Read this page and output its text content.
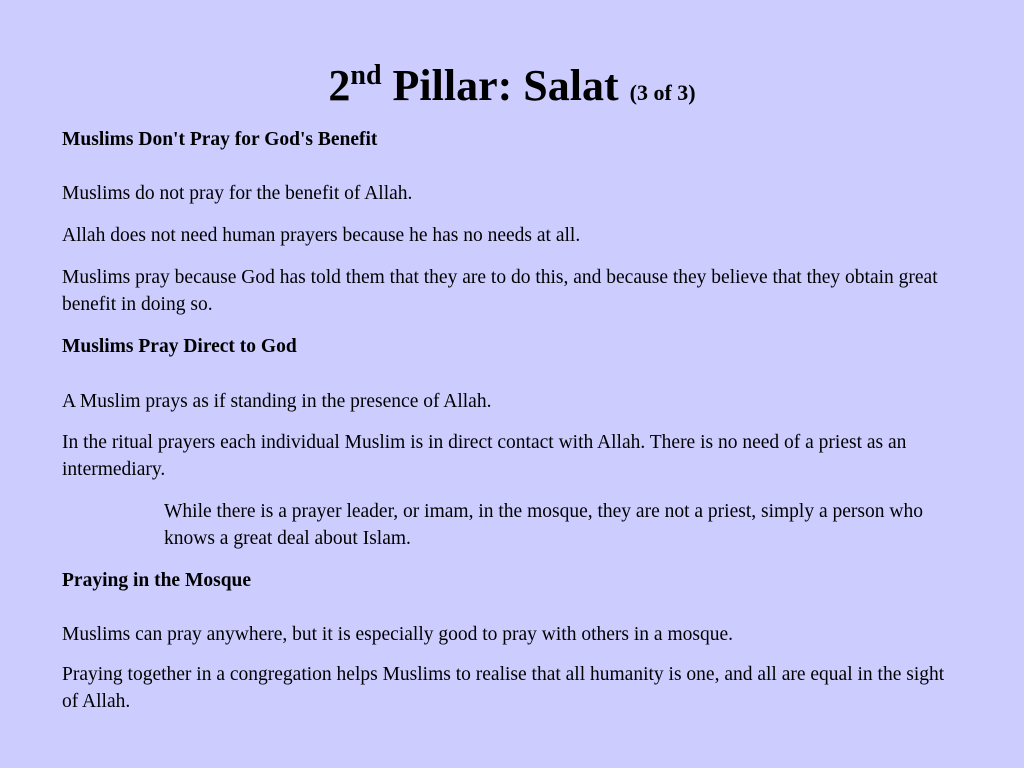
2nd Pillar: Salat (3 of 3)

Muslims Don't Pray for God's Benefit

Muslims do not pray for the benefit of Allah.

Allah does not need human prayers because he has no needs at all.

Muslims pray because God has told them that they are to do this, and because they believe that they obtain great benefit in doing so.

Muslims Pray Direct to God

A Muslim prays as if standing in the presence of Allah.

In the ritual prayers each individual Muslim is in direct contact with Allah. There is no need of a priest as an intermediary.

While there is a prayer leader, or imam, in the mosque, they are not a priest, simply a person who knows a great deal about Islam.

Praying in the Mosque

Muslims can pray anywhere, but it is especially good to pray with others in a mosque.

Praying together in a congregation helps Muslims to realise that all humanity is one, and all are equal in the sight of Allah.
